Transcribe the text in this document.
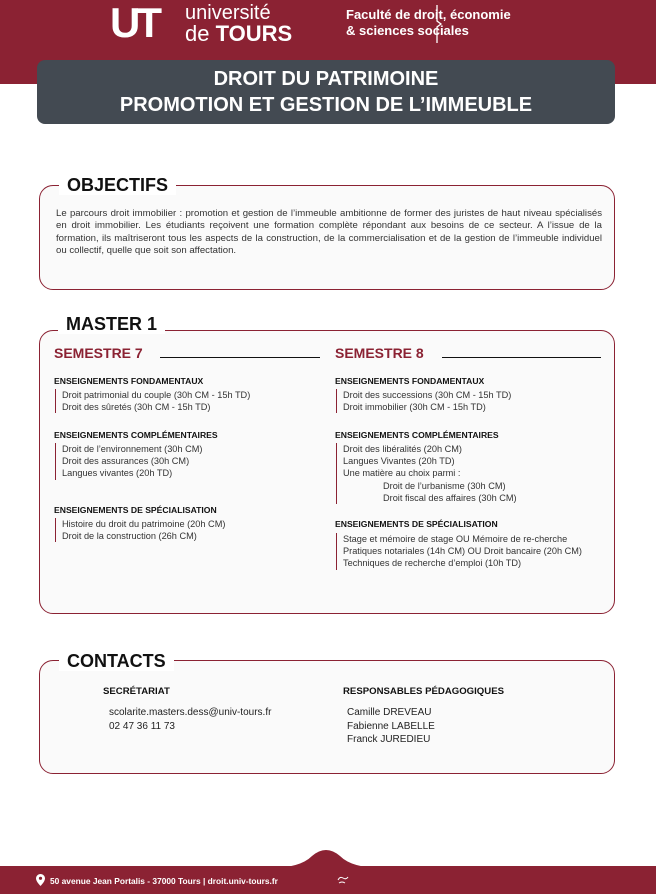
UT université
de TOURS
Faculté de droit, économie
& sciences sociales
DROIT DU PATRIMOINE
PROMOTION ET GESTION DE L’IMMEUBLE
OBJECTIFS
Le parcours droit immobilier : promotion et gestion de l’immeuble ambitionne de former des juristes de haut niveau spécialisés en droit immobilier. Les étudiants reçoivent une formation complète répondant aux besoins de ce secteur. A l’issue de la formation, ils maîtriseront tous les aspects de la construction, de la commercialisation et de la gestion de l’immeuble individuel ou collectif, quelle que soit son affectation.
MASTER 1
SEMESTRE 7
ENSEIGNEMENTS FONDAMENTAUX
Droit patrimonial du couple (30h CM - 15h TD)
Droit des sûretés (30h CM - 15h TD)
ENSEIGNEMENTS COMPLÉMENTAIRES
Droit de l’environnement (30h CM)
Droit des assurances (30h CM)
Langues vivantes (20h TD)
ENSEIGNEMENTS DE SPÉCIALISATION
Histoire du droit du patrimoine (20h CM)
Droit de la construction (26h CM)
SEMESTRE 8
ENSEIGNEMENTS FONDAMENTAUX
Droit des successions (30h CM - 15h TD)
Droit immobilier (30h CM - 15h TD)
ENSEIGNEMENTS COMPLÉMENTAIRES
Droit des libéralités (20h CM)
Langues Vivantes (20h TD)
Une matière au choix parmi :
Droit de l’urbanisme (30h CM)
Droit fiscal des affaires (30h CM)
ENSEIGNEMENTS DE SPÉCIALISATION
Stage et mémoire de stage OU Mémoire de re-cherche
Pratiques notariales (14h CM) OU Droit bancaire (20h CM)
Techniques de recherche d’emploi (10h TD)
CONTACTS
SECRÉTARIAT
scolarite.masters.dess@univ-tours.fr
02 47 36 11 73
RESPONSABLES PÉDAGOGIQUES
Camille DREVEAU
Fabienne LABELLE
Franck JUREDIEU
50 avenue Jean Portalis - 37000 Tours | droit.univ-tours.fr
